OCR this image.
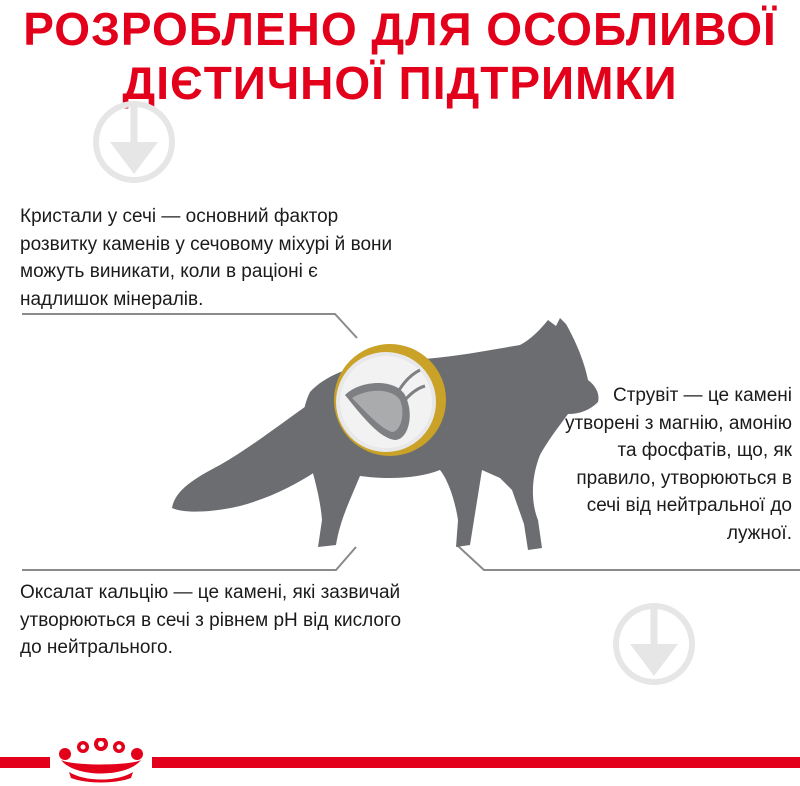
РОЗРОБЛЕНО ДЛЯ ОСОБЛИВОЇ
ДІЄТИЧНОЇ ПІДТРИМКИ

Кристали у сечі — основний фактор розвитку каменів у сечовому міхурі й вони можуть виникати, коли в раціоні є надлишок мінералів.

Струвіт — це камені утворені з магнію, амонію та фосфатів, що, як правило, утворюються в сечі від нейтральної до лужної.

Оксалат кальцію — це камені, які зазвичай утворюються в сечі з рівнем pH від кислого до нейтрального.
